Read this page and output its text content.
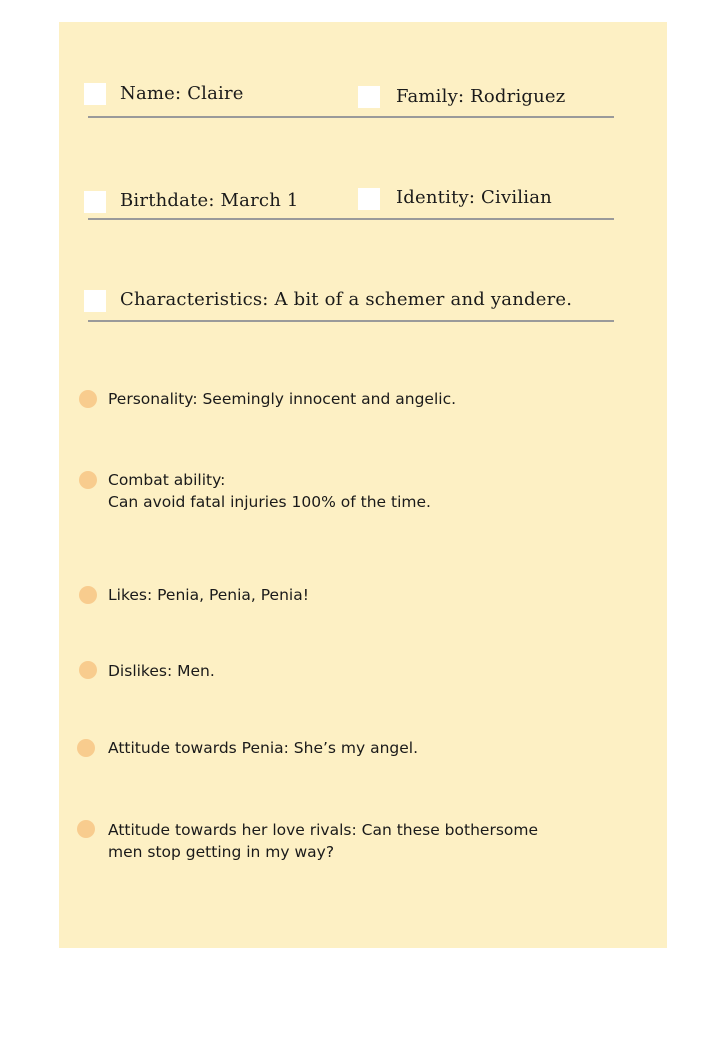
Name: Claire	Family: Rodriguez
Birthdate: March 1	Identity: Civilian
Characteristics: A bit of a schemer and yandere.
Personality: Seemingly innocent and angelic.
Combat ability:
Can avoid fatal injuries 100% of the time.
Likes: Penia, Penia, Penia!
Dislikes: Men.
Attitude towards Penia: She’s my angel.
Attitude towards her love rivals: Can these bothersome
men stop getting in my way?
